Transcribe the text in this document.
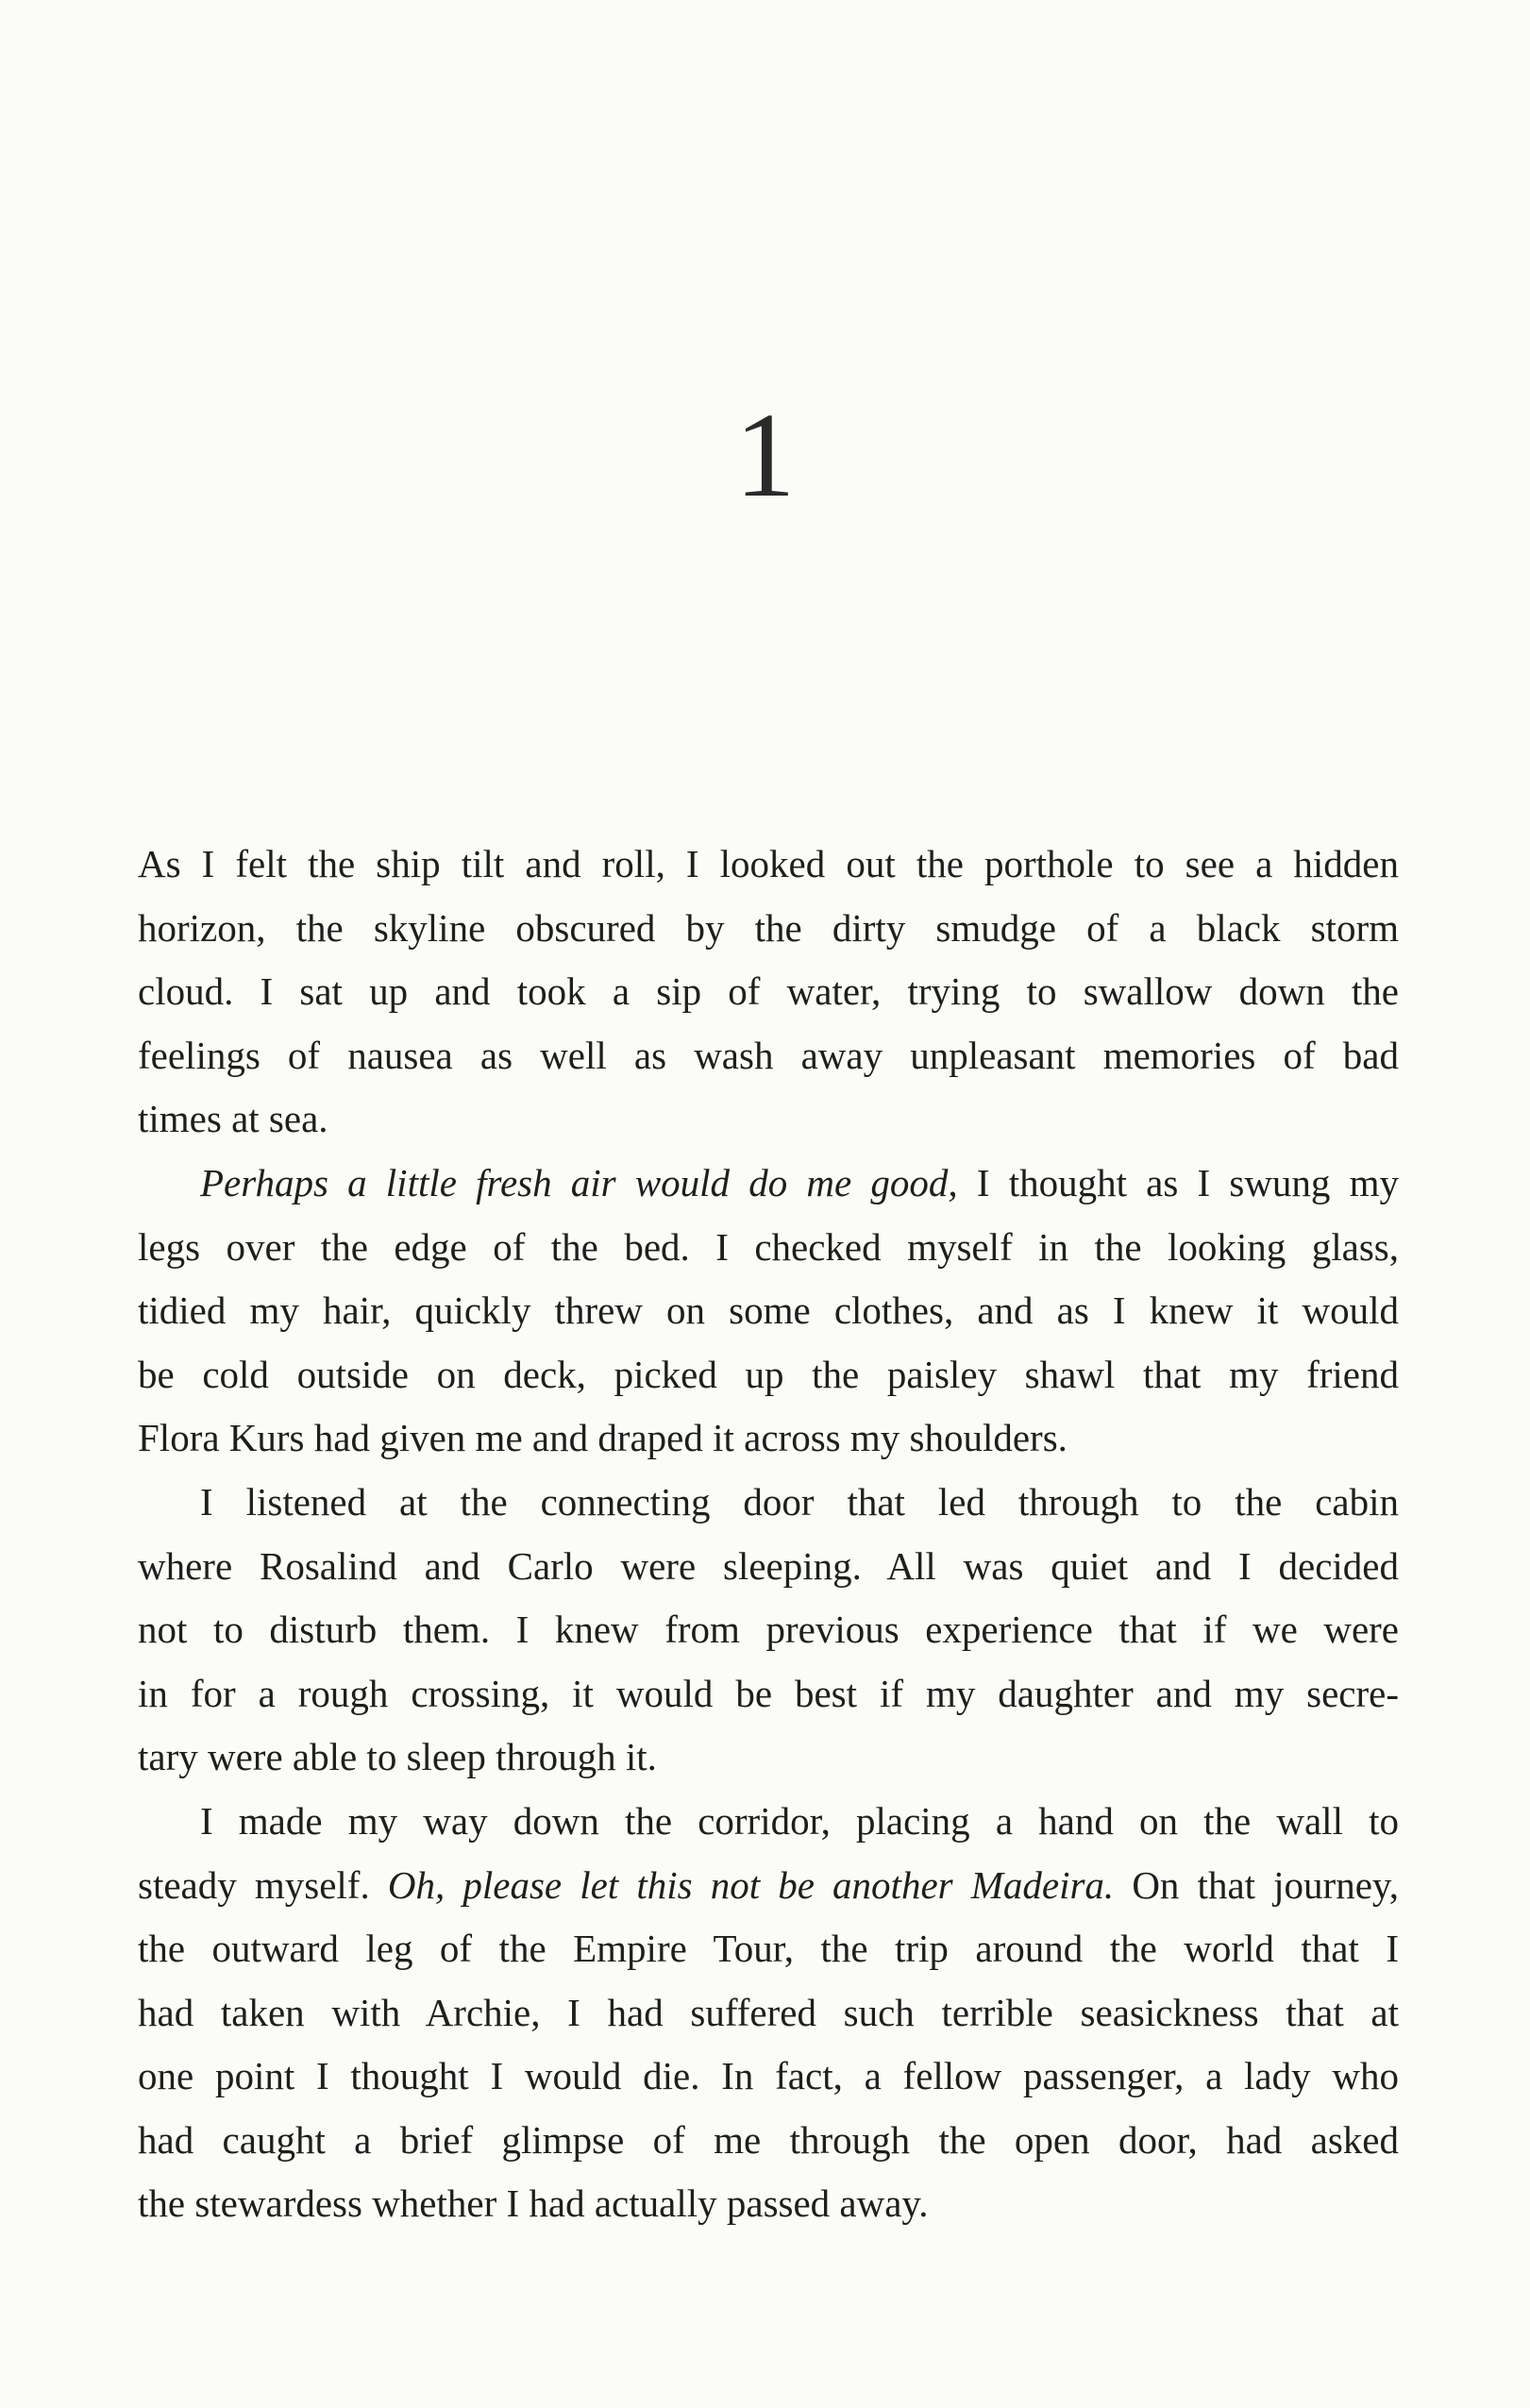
1
As I felt the ship tilt and roll, I looked out the porthole to see a hidden
horizon, the skyline obscured by the dirty smudge of a black storm
cloud. I sat up and took a sip of water, trying to swallow down the
feelings of nausea as well as wash away unpleasant memories of bad
times at sea.
Perhaps a little fresh air would do me good, I thought as I swung my
legs over the edge of the bed. I checked myself in the looking glass,
tidied my hair, quickly threw on some clothes, and as I knew it would
be cold outside on deck, picked up the paisley shawl that my friend
Flora Kurs had given me and draped it across my shoulders.
I listened at the connecting door that led through to the cabin
where Rosalind and Carlo were sleeping. All was quiet and I decided
not to disturb them. I knew from previous experience that if we were
in for a rough crossing, it would be best if my daughter and my secre-
tary were able to sleep through it.
I made my way down the corridor, placing a hand on the wall to
steady myself. Oh, please let this not be another Madeira. On that journey,
the outward leg of the Empire Tour, the trip around the world that I
had taken with Archie, I had suffered such terrible seasickness that at
one point I thought I would die. In fact, a fellow passenger, a lady who
had caught a brief glimpse of me through the open door, had asked
the stewardess whether I had actually passed away.
